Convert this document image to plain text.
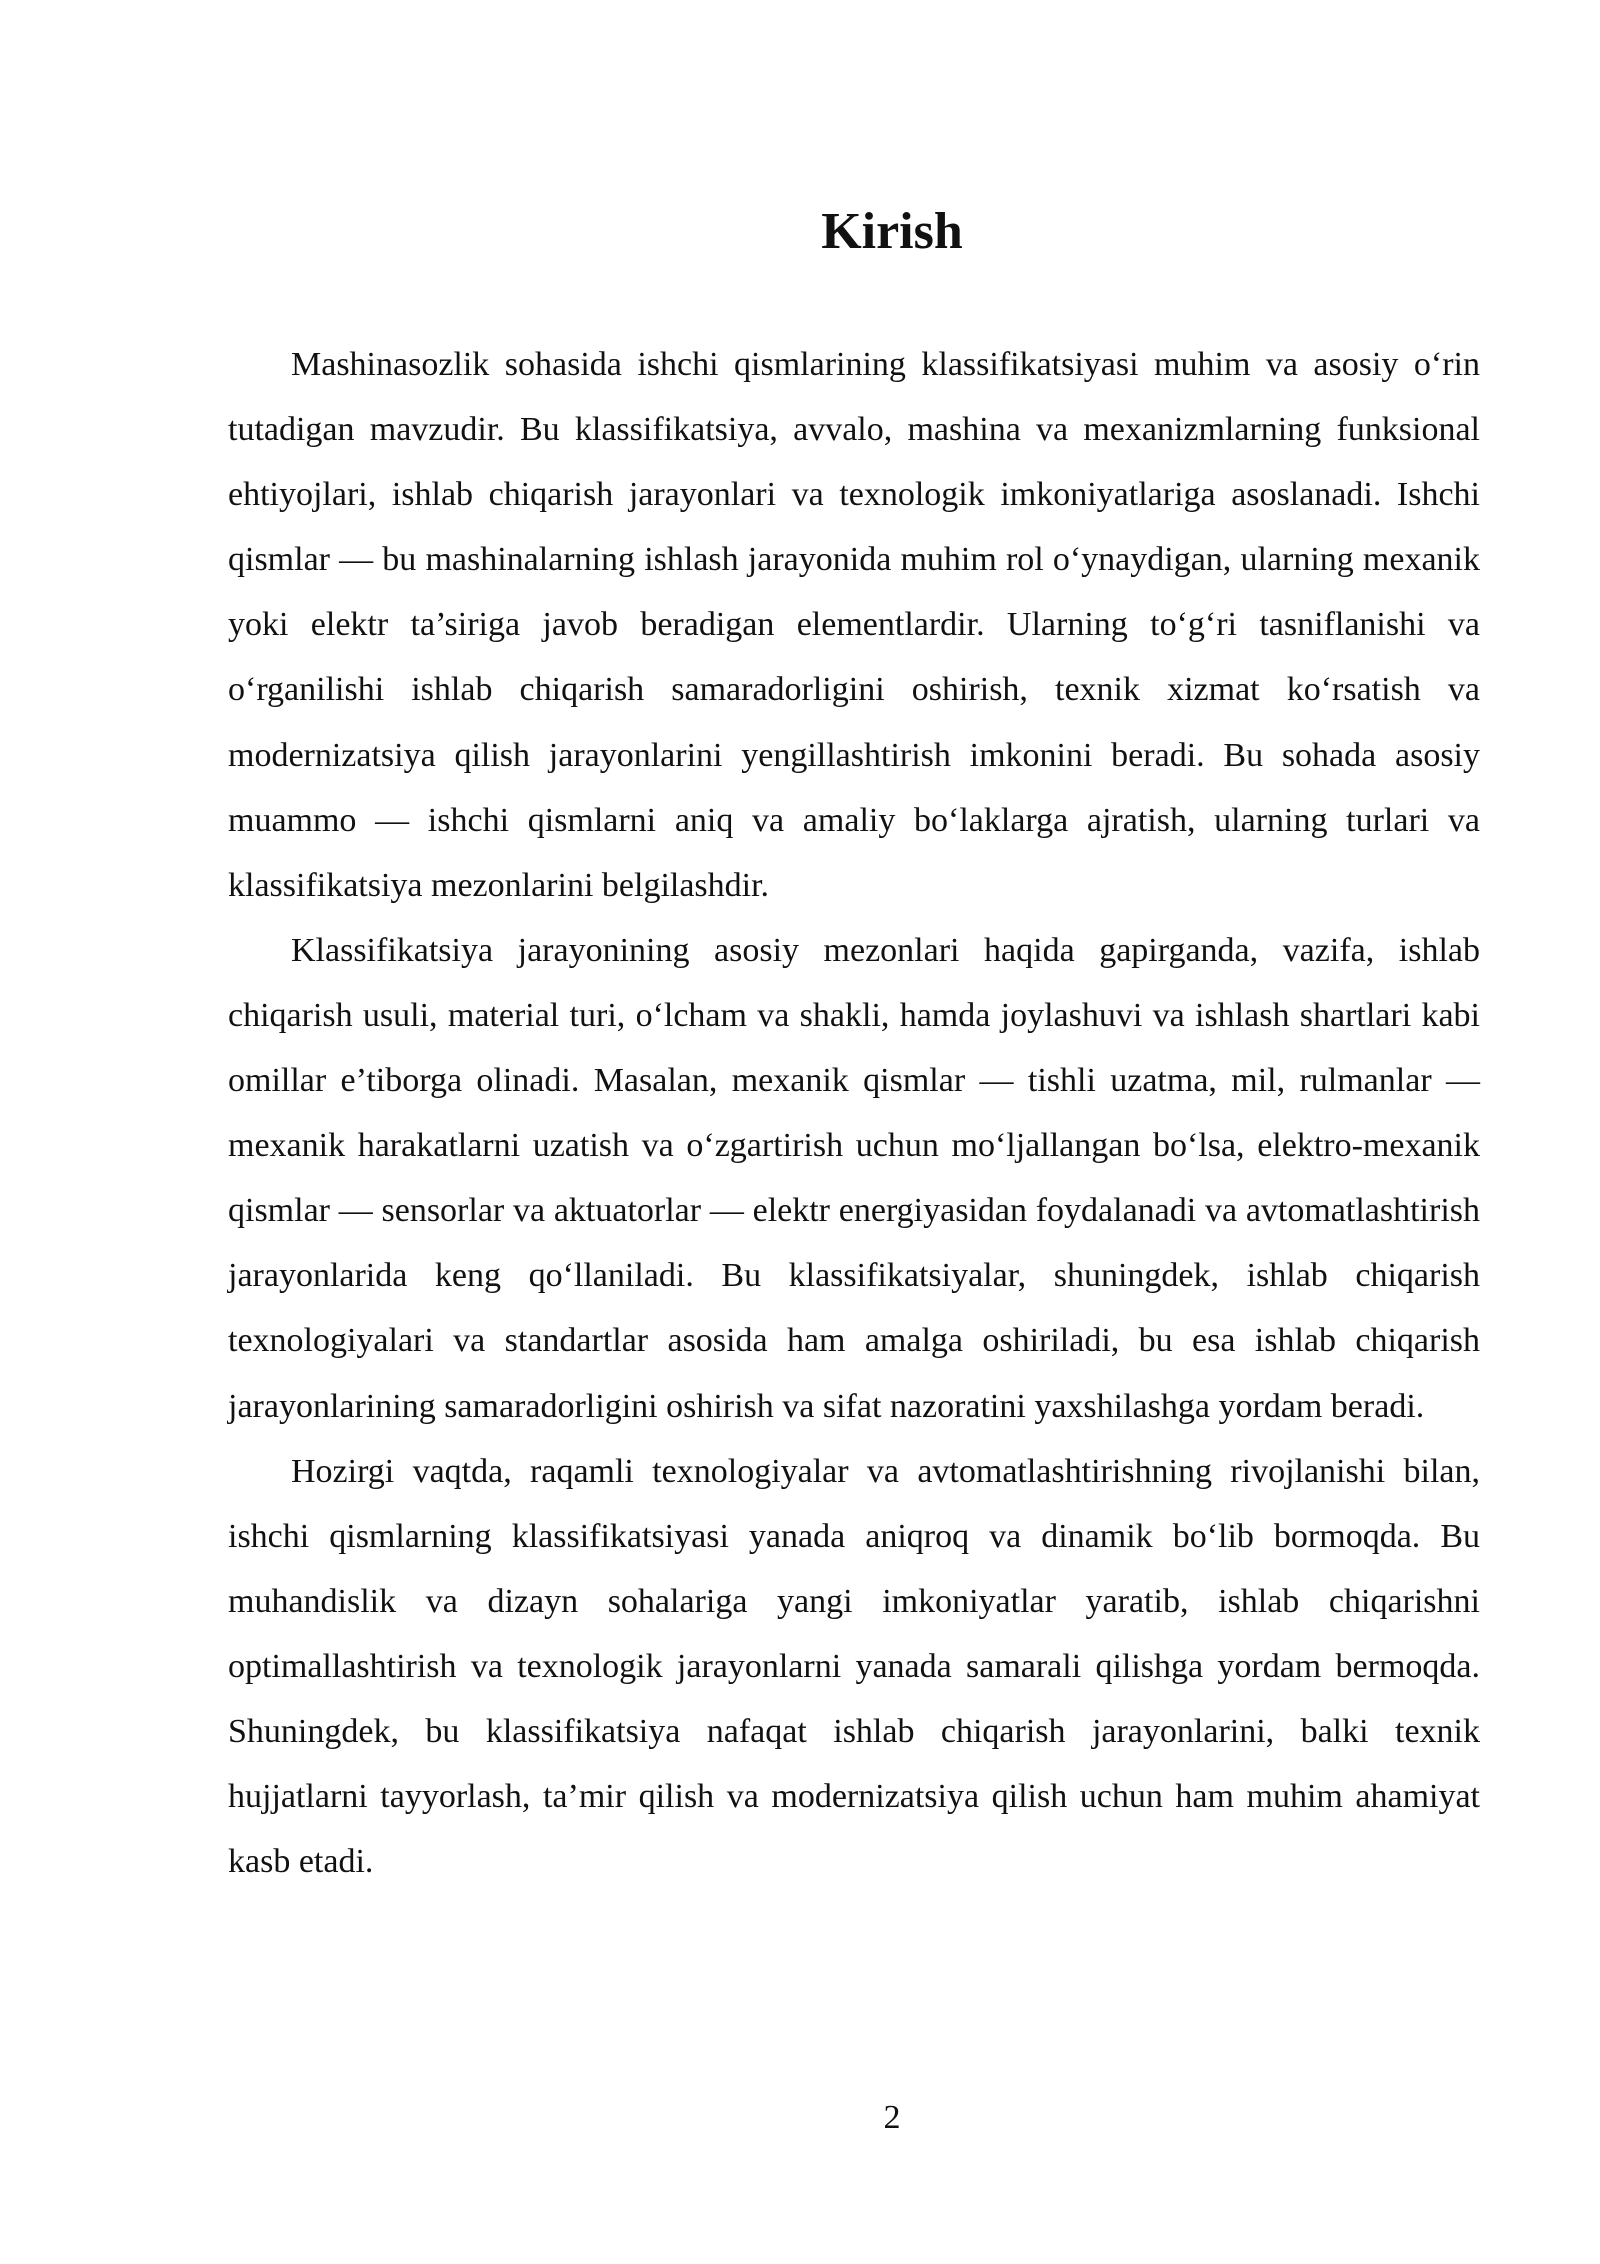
Kirish

Mashinasozlik sohasida ishchi qismlarining klassifikatsiyasi muhim va asosiy o‘rin tutadigan mavzudir. Bu klassifikatsiya, avvalo, mashina va mexanizmlarning funksional ehtiyojlari, ishlab chiqarish jarayonlari va texnologik imkoniyatlariga asoslanadi. Ishchi qismlar — bu mashinalarning ishlash jarayonida muhim rol o‘ynaydigan, ularning mexanik yoki elektr ta’siriga javob beradigan elementlardir. Ularning to‘g‘ri tasniflanishi va o‘rganilishi ishlab chiqarish samaradorligini oshirish, texnik xizmat ko‘rsatish va modernizatsiya qilish jarayonlarini yengillashtirish imkonini beradi. Bu sohada asosiy muammo — ishchi qismlarni aniq va amaliy bo‘laklarga ajratish, ularning turlari va klassifikatsiya mezonlarini belgilashdir.

Klassifikatsiya jarayonining asosiy mezonlari haqida gapirganda, vazifa, ishlab chiqarish usuli, material turi, o‘lcham va shakli, hamda joylashuvi va ishlash shartlari kabi omillar e’tiborga olinadi. Masalan, mexanik qismlar — tishli uzatma, mil, rulmanlar — mexanik harakatlarni uzatish va o‘zgartirish uchun mo‘ljallangan bo‘lsa, elektro-mexanik qismlar — sensorlar va aktuatorlar — elektr energiyasidan foydalanadi va avtomatlashtirish jarayonlarida keng qo‘llaniladi. Bu klassifikatsiyalar, shuningdek, ishlab chiqarish texnologiyalari va standartlar asosida ham amalga oshiriladi, bu esa ishlab chiqarish jarayonlarining samaradorligini oshirish va sifat nazoratini yaxshilashga yordam beradi.

Hozirgi vaqtda, raqamli texnologiyalar va avtomatlashtirishning rivojlanishi bilan, ishchi qismlarning klassifikatsiyasi yanada aniqroq va dinamik bo‘lib bormoqda. Bu muhandislik va dizayn sohalariga yangi imkoniyatlar yaratib, ishlab chiqarishni optimallashtirish va texnologik jarayonlarni yanada samarali qilishga yordam bermoqda. Shuningdek, bu klassifikatsiya nafaqat ishlab chiqarish jarayonlarini, balki texnik hujjatlarni tayyorlash, ta’mir qilish va modernizatsiya qilish uchun ham muhim ahamiyat kasb etadi.

2
